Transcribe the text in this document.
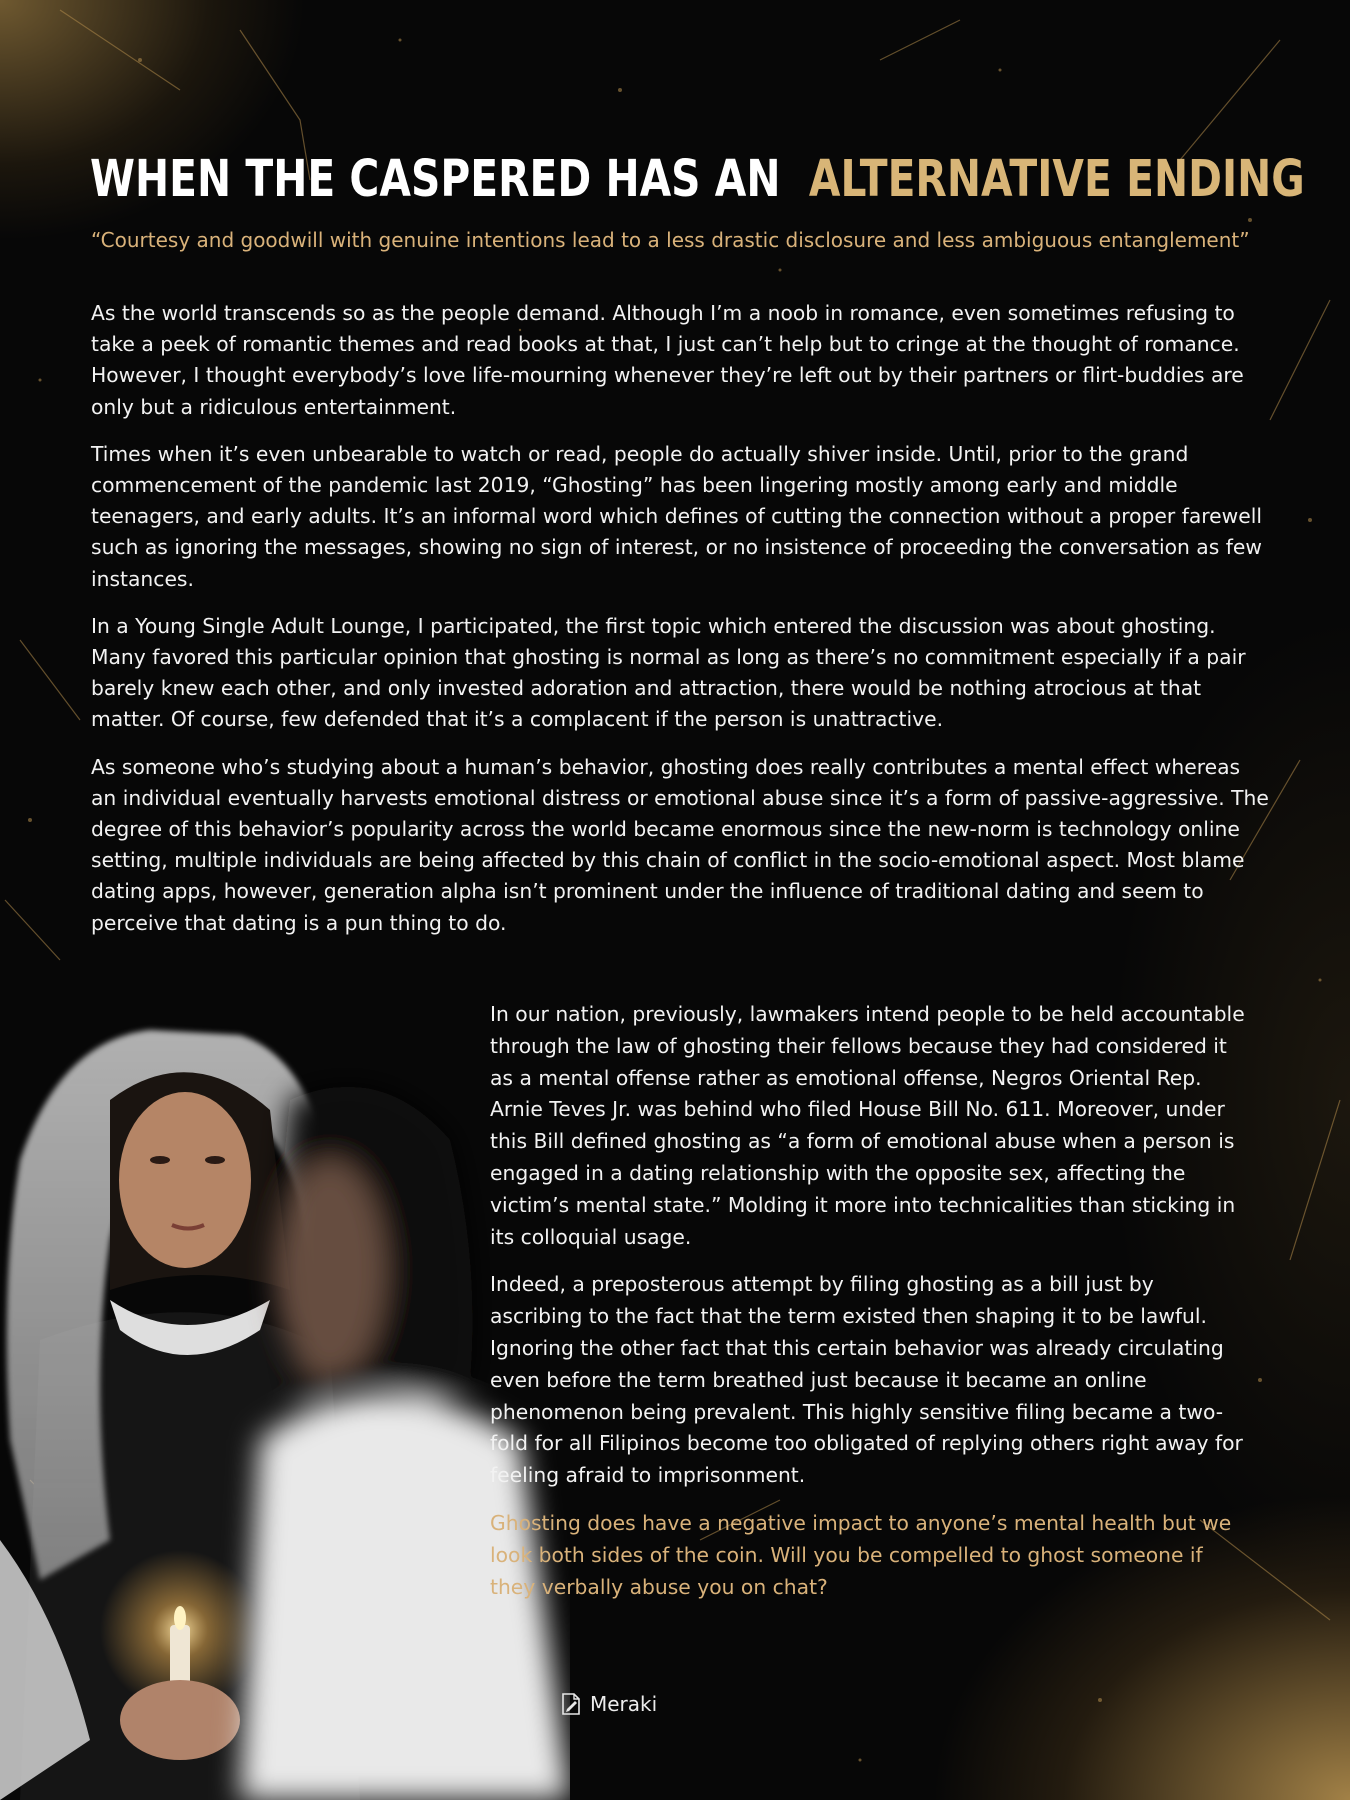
WHEN THE CASPERED HAS AN ALTERNATIVE ENDING

“Courtesy and goodwill with genuine intentions lead to a less drastic disclosure and less ambiguous entanglement”

As the world transcends so as the people demand. Although I’m a noob in romance, even sometimes refusing to take a peek of romantic themes and read books at that, I just can’t help but to cringe at the thought of romance. However, I thought everybody’s love life-mourning whenever they’re left out by their partners or flirt-buddies are only but a ridiculous entertainment.

Times when it’s even unbearable to watch or read, people do actually shiver inside. Until, prior to the grand commencement of the pandemic last 2019, “Ghosting” has been lingering mostly among early and middle teenagers, and early adults. It’s an informal word which defines of cutting the connection without a proper farewell such as ignoring the messages, showing no sign of interest, or no insistence of proceeding the conversation as few instances.

In a Young Single Adult Lounge, I participated, the first topic which entered the discussion was about ghosting. Many favored this particular opinion that ghosting is normal as long as there’s no commitment especially if a pair barely knew each other, and only invested adoration and attraction, there would be nothing atrocious at that matter. Of course, few defended that it’s a complacent if the person is unattractive.

As someone who’s studying about a human’s behavior, ghosting does really contributes a mental effect whereas an individual eventually harvests emotional distress or emotional abuse since it’s a form of passive-aggressive. The degree of this behavior’s popularity across the world became enormous since the new-norm is technology online setting, multiple individuals are being affected by this chain of conflict in the socio-emotional aspect. Most blame dating apps, however, generation alpha isn’t prominent under the influence of traditional dating and seem to perceive that dating is a pun thing to do.

In our nation, previously, lawmakers intend people to be held accountable through the law of ghosting their fellows because they had considered it as a mental offense rather as emotional offense, Negros Oriental Rep. Arnie Teves Jr. was behind who filed House Bill No. 611. Moreover, under this Bill defined ghosting as “a form of emotional abuse when a person is engaged in a dating relationship with the opposite sex, affecting the victim’s mental state.” Molding it more into technicalities than sticking in its colloquial usage.

Indeed, a preposterous attempt by filing ghosting as a bill just by ascribing to the fact that the term existed then shaping it to be lawful. Ignoring the other fact that this certain behavior was already circulating even before the term breathed just because it became an online phenomenon being prevalent. This highly sensitive filing became a two-fold for all Filipinos become too obligated of replying others right away for feeling afraid to imprisonment.

Ghosting does have a negative impact to anyone’s mental health but we look both sides of the coin. Will you be compelled to ghost someone if they verbally abuse you on chat?

Meraki
